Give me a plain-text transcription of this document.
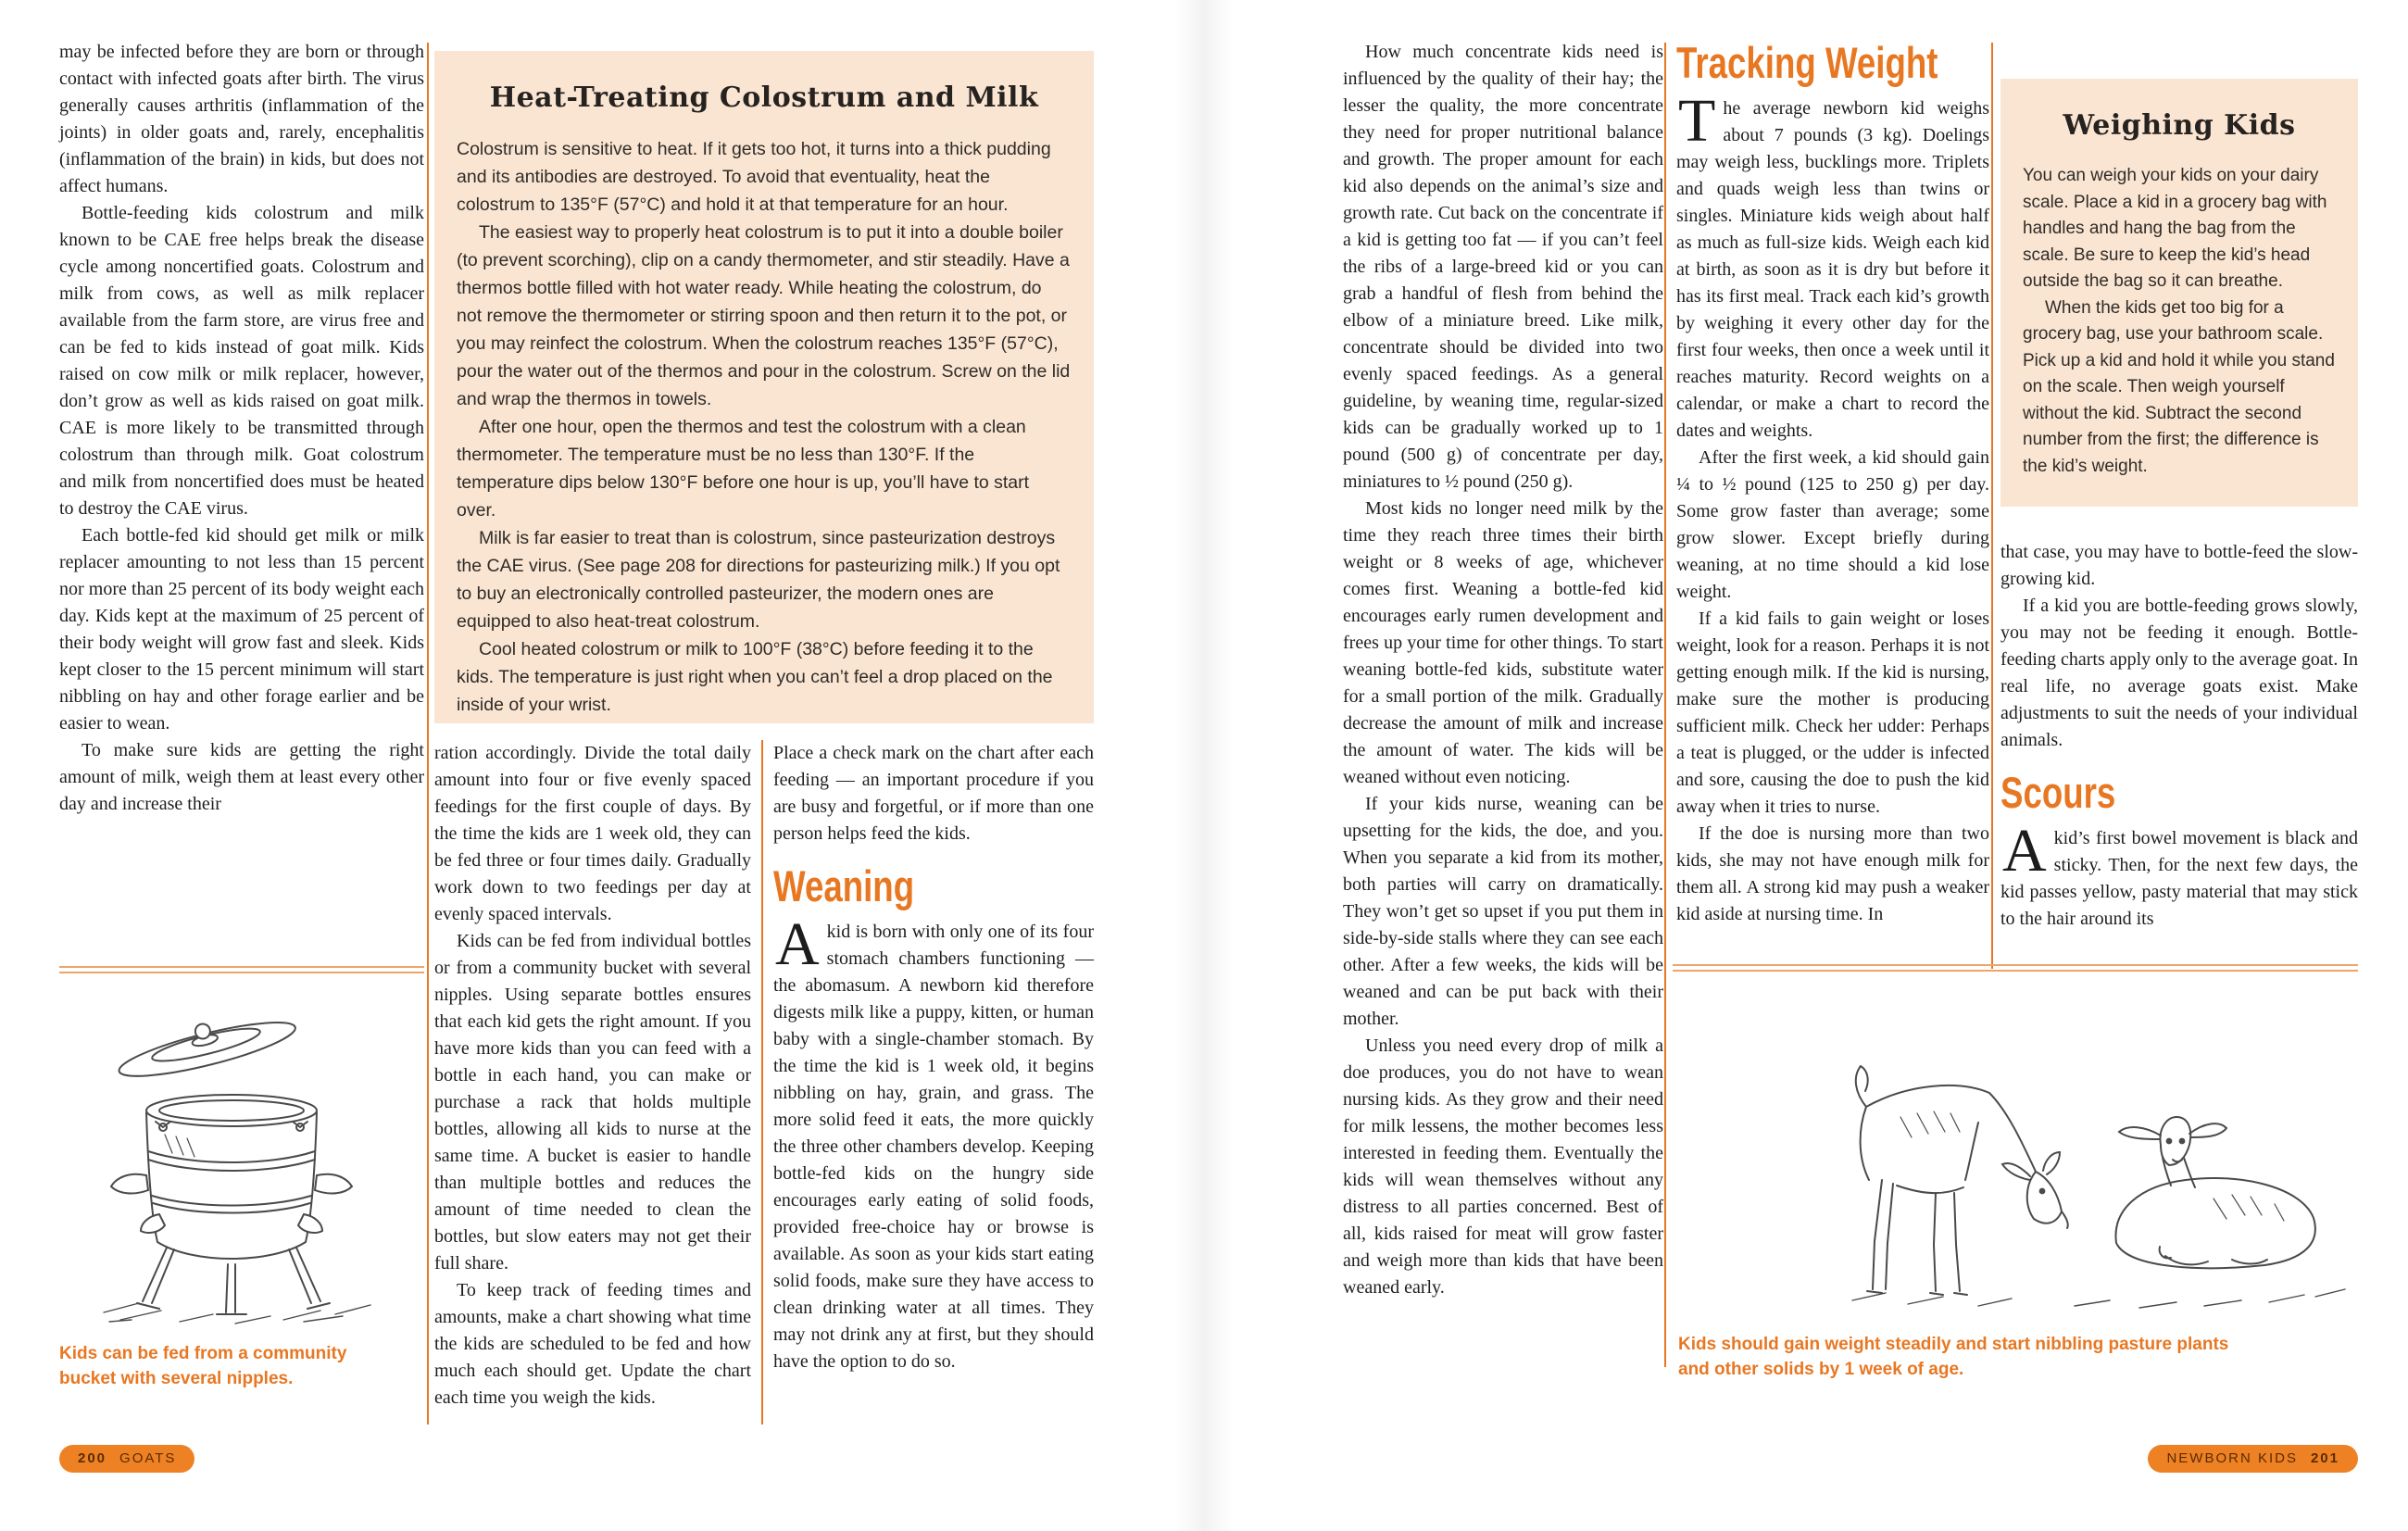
may be infected before they are born or through contact with infected goats after birth. The virus generally causes arthritis (inflammation of the joints) in older goats and, rarely, encephalitis (inflammation of the brain) in kids, but does not affect humans.

Bottle-feeding kids colostrum and milk known to be CAE free helps break the disease cycle among noncertified goats. Colostrum and milk from cows, as well as milk replacer available from the farm store, are virus free and can be fed to kids instead of goat milk. Kids raised on cow milk or milk replacer, however, don’t grow as well as kids raised on goat milk. CAE is more likely to be transmitted through colostrum than through milk. Goat colostrum and milk from noncertified does must be heated to destroy the CAE virus.

Each bottle-fed kid should get milk or milk replacer amounting to not less than 15 percent nor more than 25 percent of its body weight each day. Kids kept at the maximum of 25 percent of their body weight will grow fast and sleek. Kids kept closer to the 15 percent minimum will start nibbling on hay and other forage earlier and be easier to wean.

To make sure kids are getting the right amount of milk, weigh them at least every other day and increase their

Heat-Treating Colostrum and Milk

Colostrum is sensitive to heat. If it gets too hot, it turns into a thick pudding and its antibodies are destroyed. To avoid that eventuality, heat the colostrum to 135°F (57°C) and hold it at that temperature for an hour.

The easiest way to properly heat colostrum is to put it into a double boiler (to prevent scorching), clip on a candy thermometer, and stir steadily. Have a thermos bottle filled with hot water ready. While heating the colostrum, do not remove the thermometer or stirring spoon and then return it to the pot, or you may reinfect the colostrum. When the colostrum reaches 135°F (57°C), pour the water out of the thermos and pour in the colostrum. Screw on the lid and wrap the thermos in towels.

After one hour, open the thermos and test the colostrum with a clean thermometer. The temperature must be no less than 130°F. If the temperature dips below 130°F before one hour is up, you’ll have to start over.

Milk is far easier to treat than is colostrum, since pasteurization destroys the CAE virus. (See page 208 for directions for pasteurizing milk.) If you opt to buy an electronically controlled pasteurizer, the modern ones are equipped to also heat-treat colostrum.

Cool heated colostrum or milk to 100°F (38°C) before feeding it to the kids. The temperature is just right when you can’t feel a drop placed on the inside of your wrist.

ration accordingly. Divide the total daily amount into four or five evenly spaced feedings for the first couple of days. By the time the kids are 1 week old, they can be fed three or four times daily. Gradually work down to two feedings per day at evenly spaced intervals.

Kids can be fed from individual bottles or from a community bucket with several nipples. Using separate bottles ensures that each kid gets the right amount. If you have more kids than you can feed with a bottle in each hand, you can make or purchase a rack that holds multiple bottles, allowing all kids to nurse at the same time. A bucket is easier to handle than multiple bottles and reduces the amount of time needed to clean the bottles, but slow eaters may not get their full share.

To keep track of feeding times and amounts, make a chart showing what time the kids are scheduled to be fed and how much each should get. Update the chart each time you weigh the kids.

Place a check mark on the chart after each feeding — an important procedure if you are busy and forgetful, or if more than one person helps feed the kids.

Weaning

Akid is born with only one of its four stomach chambers functioning — the abomasum. A newborn kid therefore digests milk like a puppy, kitten, or human baby with a single-chamber stomach. By the time the kid is 1 week old, it begins nibbling on hay, grain, and grass. The more solid feed it eats, the more quickly the three other chambers develop. Keeping bottle-fed kids on the hungry side encourages early eating of solid foods, provided free-choice hay or browse is available. As soon as your kids start eating solid foods, make sure they have access to clean drinking water at all times. They may not drink any at first, but they should have the option to do so.

Kids can be fed from a community bucket with several nipples.
200 GOATS

How much concentrate kids need is influenced by the quality of their hay; the lesser the quality, the more concentrate they need for proper nutritional balance and growth. The proper amount for each kid also depends on the animal’s size and growth rate. Cut back on the concentrate if a kid is getting too fat — if you can’t feel the ribs of a large-breed kid or you can grab a handful of flesh from behind the elbow of a miniature breed. Like milk, concentrate should be divided into two evenly spaced feedings. As a general guideline, by weaning time, regular-sized kids can be gradually worked up to 1 pound (500 g) of concentrate per day, miniatures to ½ pound (250 g).

Most kids no longer need milk by the time they reach three times their birth weight or 8 weeks of age, whichever comes first. Weaning a bottle-fed kid encourages early rumen development and frees up your time for other things. To start weaning bottle-fed kids, substitute water for a small portion of the milk. Gradually decrease the amount of milk and increase the amount of water. The kids will be weaned without even noticing.

If your kids nurse, weaning can be upsetting for the kids, the doe, and you. When you separate a kid from its mother, both parties will carry on dramatically. They won’t get so upset if you put them in side-by-side stalls where they can see each other. After a few weeks, the kids will be weaned and can be put back with their mother.

Unless you need every drop of milk a doe produces, you do not have to wean nursing kids. As they grow and their need for milk lessens, the mother becomes less interested in feeding them. Eventually the kids will wean themselves without any distress to all parties concerned. Best of all, kids raised for meat will grow faster and weigh more than kids that have been weaned early.

Tracking Weight

The average newborn kid weighs about 7 pounds (3 kg). Doelings may weigh less, bucklings more. Triplets and quads weigh less than twins or singles. Miniature kids weigh about half as much as full-size kids. Weigh each kid at birth, as soon as it is dry but before it has its first meal. Track each kid’s growth by weighing it every other day for the first four weeks, then once a week until it reaches maturity. Record weights on a calendar, or make a chart to record the dates and weights.

After the first week, a kid should gain ¼ to ½ pound (125 to 250 g) per day. Some grow faster than average; some grow slower. Except briefly during weaning, at no time should a kid lose weight.

If a kid fails to gain weight or loses weight, look for a reason. Perhaps it is not getting enough milk. If the kid is nursing, make sure the mother is producing sufficient milk. Check her udder: Perhaps a teat is plugged, or the udder is infected and sore, causing the doe to push the kid away when it tries to nurse.

If the doe is nursing more than two kids, she may not have enough milk for them all. A strong kid may push a weaker kid aside at nursing time. In

Weighing Kids

You can weigh your kids on your dairy scale. Place a kid in a grocery bag with handles and hang the bag from the scale. Be sure to keep the kid’s head outside the bag so it can breathe.

When the kids get too big for a grocery bag, use your bathroom scale. Pick up a kid and hold it while you stand on the scale. Then weigh yourself without the kid. Subtract the second number from the first; the difference is the kid’s weight.

that case, you may have to bottle-feed the slow-growing kid.

If a kid you are bottle-feeding grows slowly, you may not be feeding it enough. Bottle-feeding charts apply only to the average goat. In real life, no average goats exist. Make adjustments to suit the needs of your individual animals.

Scours

Akid’s first bowel movement is black and sticky. Then, for the next few days, the kid passes yellow, pasty material that may stick to the hair around its

Kids should gain weight steadily and start nibbling pasture plants and other solids by 1 week of age.
NEWBORN KIDS 201
